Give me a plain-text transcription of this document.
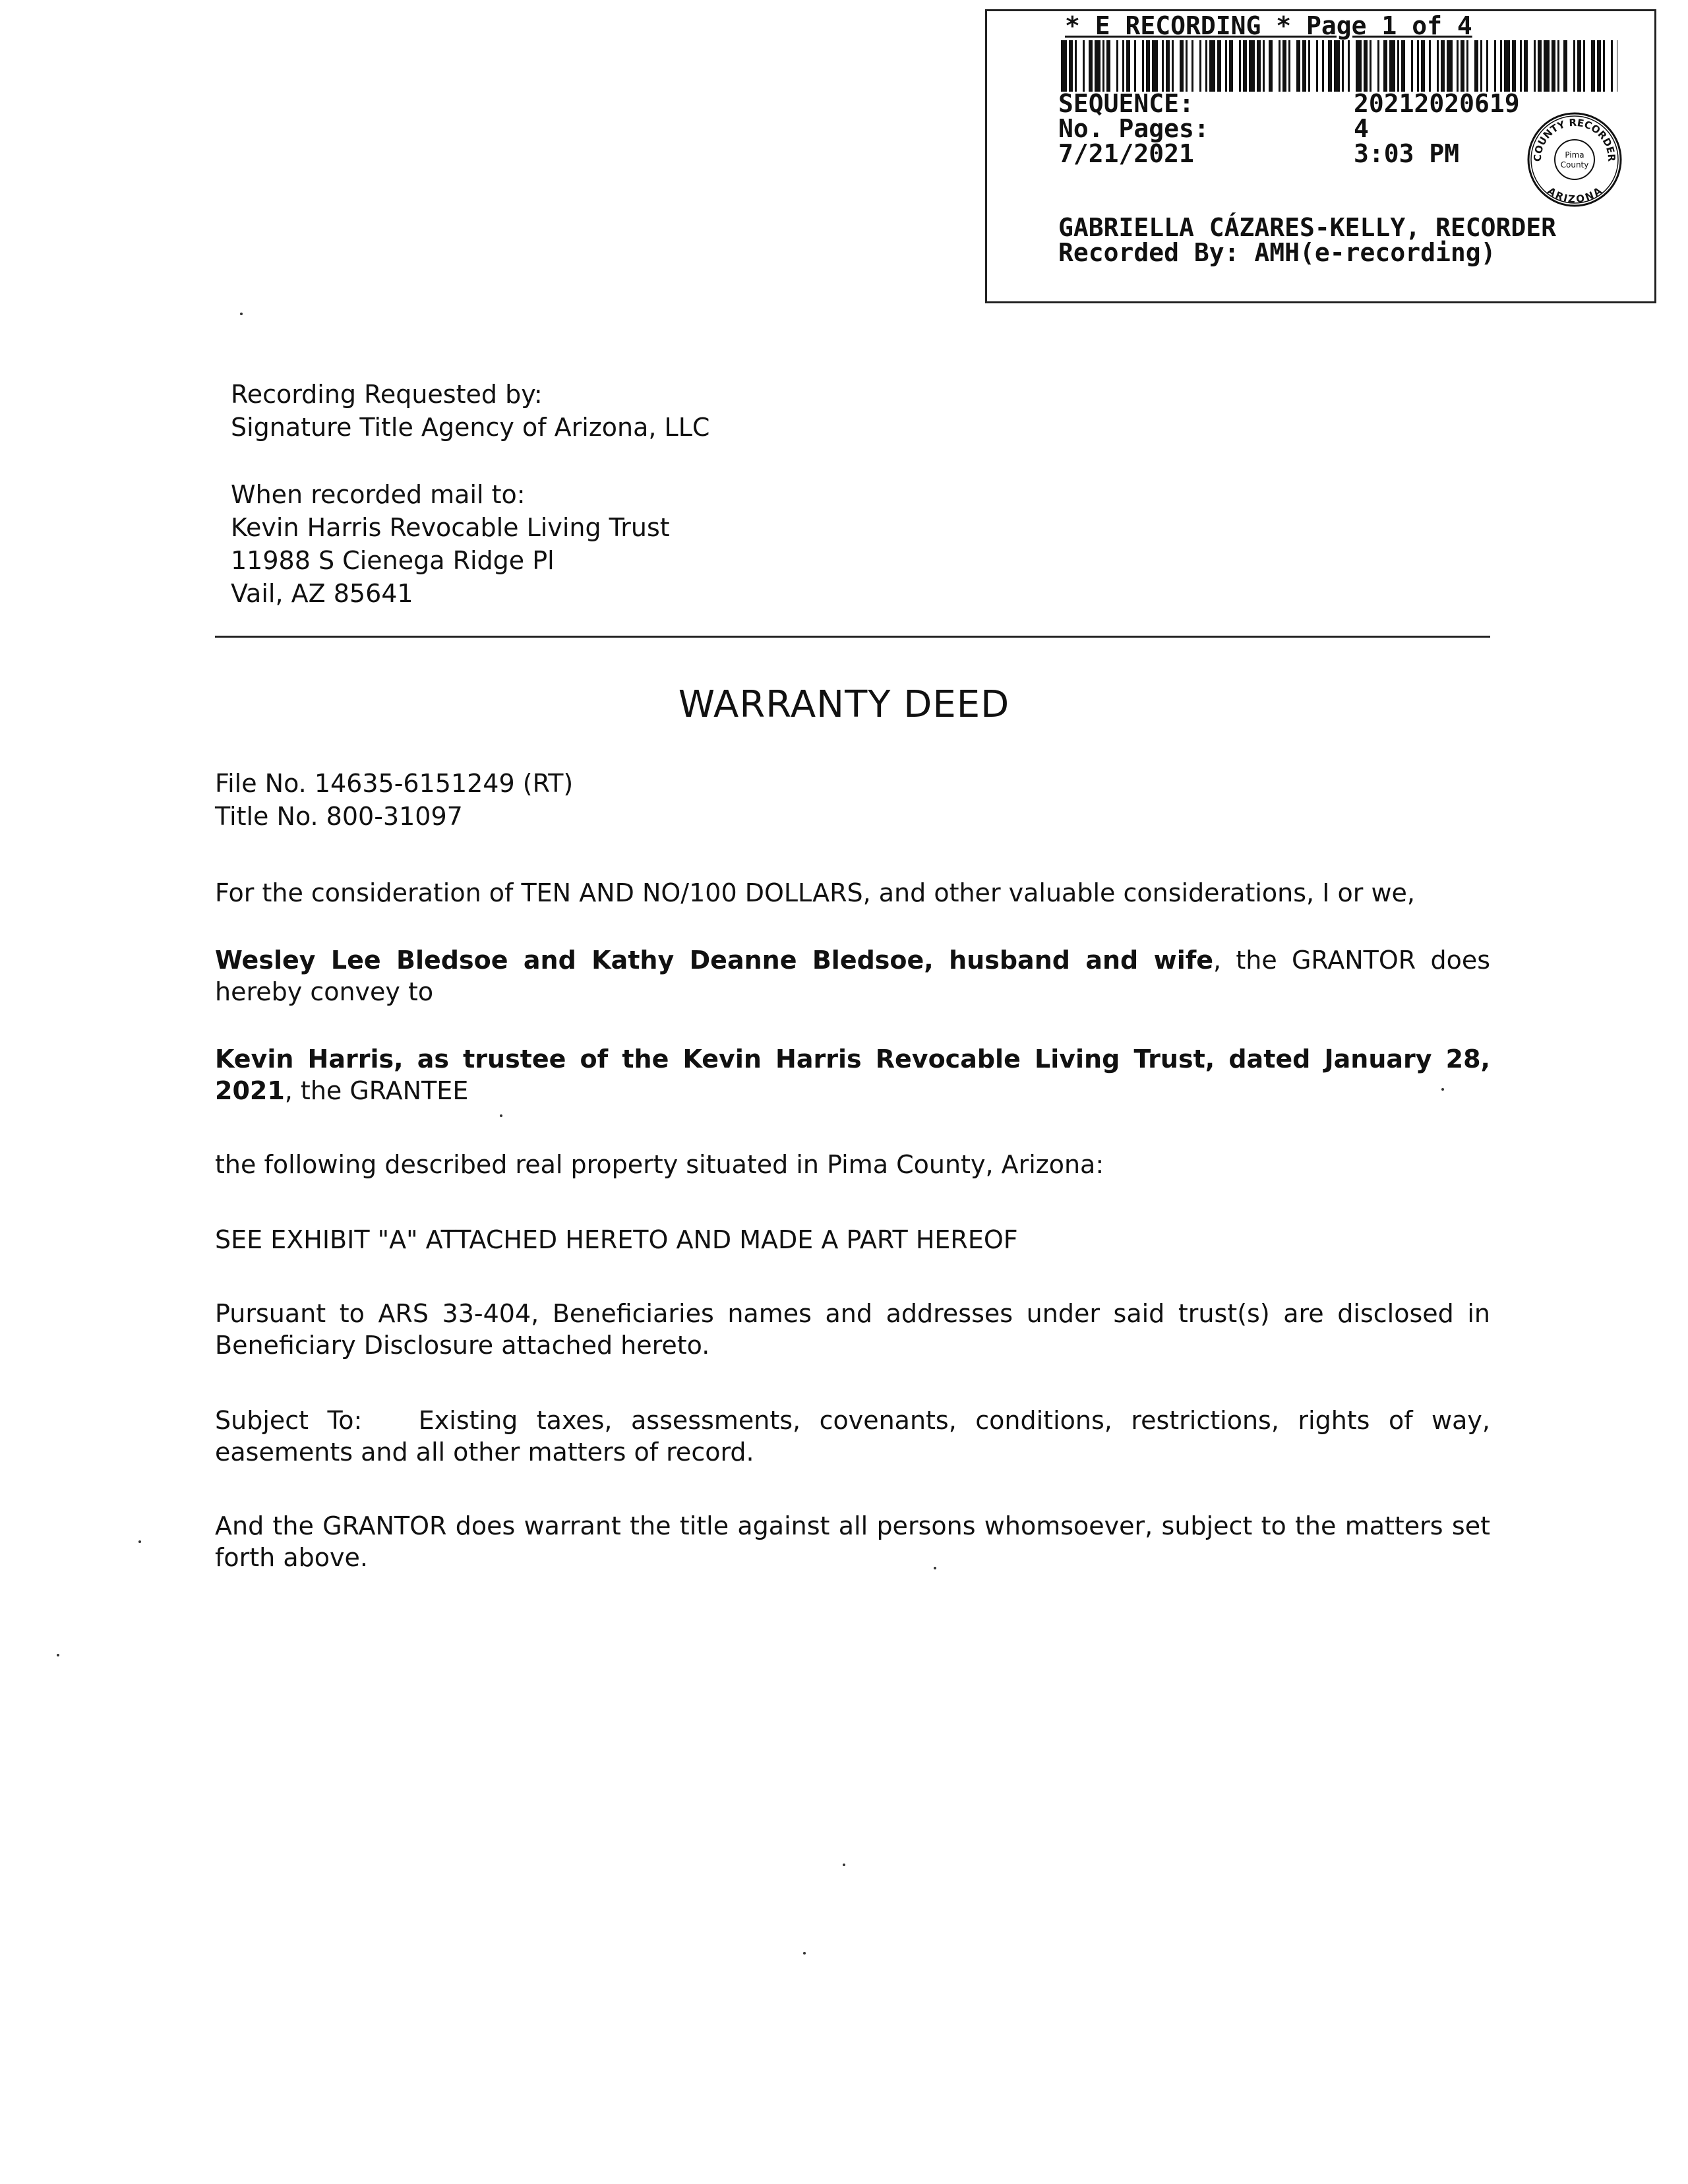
* E RECORDING * Page 1 of 4
SEQUENCE:	20212020619
No. Pages:	4
7/21/2021	3:03 PM	COUNTY RECORDER
ARIZONA
Pima
County
GABRIELLA CÁZARES-KELLY, RECORDER
Recorded By: AMH(e-recording)
Recording Requested by:
Signature Title Agency of Arizona, LLC
When recorded mail to:
Kevin Harris Revocable Living Trust
11988 S Cienega Ridge Pl
Vail, AZ 85641
WARRANTY DEED
File No. 14635-6151249 (RT)
Title No. 800-31097
For the consideration of TEN AND NO/100 DOLLARS, and other valuable considerations, I or we,
Wesley Lee Bledsoe and Kathy Deanne Bledsoe, husband and wife, the GRANTOR does hereby convey to
Kevin Harris, as trustee of the Kevin Harris Revocable Living Trust, dated January 28, 2021, the GRANTEE
the following described real property situated in Pima County, Arizona:
SEE EXHIBIT "A" ATTACHED HERETO AND MADE A PART HEREOF
Pursuant to ARS 33-404, Beneficiaries names and addresses under said trust(s) are disclosed in Beneficiary Disclosure attached hereto.
Subject To: Existing taxes, assessments, covenants, conditions, restrictions, rights of way, easements and all other matters of record.
And the GRANTOR does warrant the title against all persons whomsoever, subject to the matters set forth above.
